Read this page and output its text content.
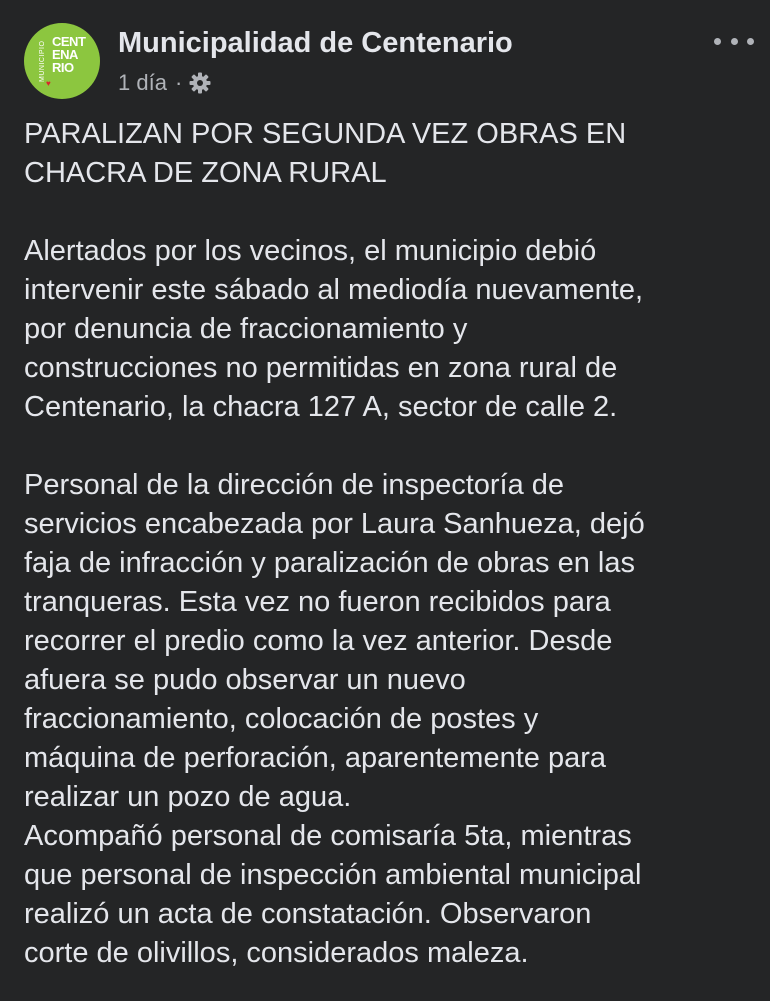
MUNICIPIO CENTENARIO
♥
Municipalidad de Centenario
1 día ·

PARALIZAN POR SEGUNDA VEZ OBRAS EN
CHACRA DE ZONA RURAL

Alertados por los vecinos, el municipio debió
intervenir este sábado al mediodía nuevamente,
por denuncia de fraccionamiento y
construcciones no permitidas en zona rural de
Centenario, la chacra 127 A, sector de calle 2.

Personal de la dirección de inspectoría de
servicios encabezada por Laura Sanhueza, dejó
faja de infracción y paralización de obras en las
tranqueras. Esta vez no fueron recibidos para
recorrer el predio como la vez anterior. Desde
afuera se pudo observar un nuevo
fraccionamiento, colocación de postes y
máquina de perforación, aparentemente para
realizar un pozo de agua.

Acompañó personal de comisaría 5ta, mientras
que personal de inspección ambiental municipal
realizó un acta de constatación. Observaron
corte de olivillos, considerados maleza.
